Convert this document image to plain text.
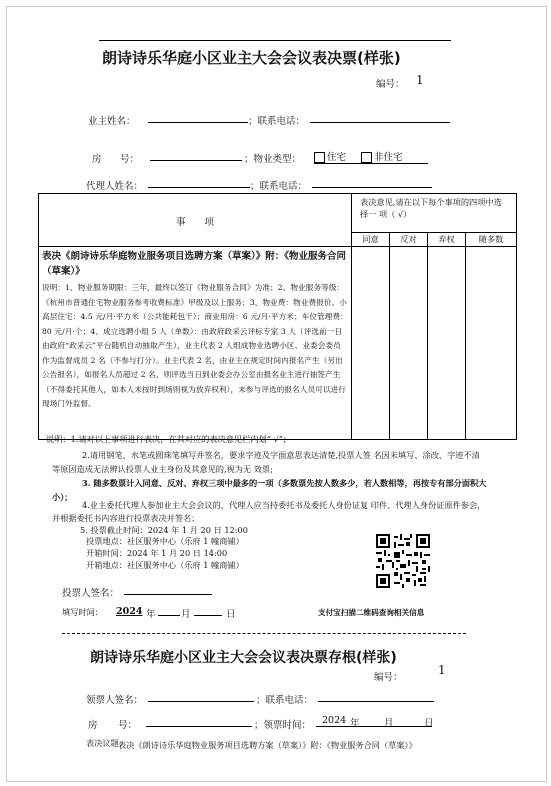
朗诗诗乐华庭小区业主大会会议表决票(样张)
编号： 1
业主姓名：	；联系电话：
房 号：	；物业类型：	住宅	非住宅
代理人姓名：	；联系电话：
事　　项	表决意见,请在以下每个事项的四项中选择一 项（ √）			

	同意	反对	弃权	随多数

表决《朗诗诗乐华庭物业服务项目选聘方案（草案）》附：《物业服务合同（草案）》
说明：1、物业服务期限：三年，最终以签订《物业服务合同》为准；2、物业服务等级：《杭州市普通住宅物业服务参考收费标准》甲级及以上服务；3、物业费：物业费报价。小高层住宅：4.5 元/月·平方米（公共能耗包干）；商业用房：6 元/月·平方米；车位管理费：80 元/月·个；4、成立选聘小组 5 人（单数）：由政府政采云评标专家 3 人（评选前一日由政府“政采云”平台随机自动抽取产生），业主代表 2 人组成物业选聘小区、业委会委员作为监督成员 2 名（不参与打分）。业主代表 2 名，由业主在规定时间内报名产生（另出公告报名），如报名人员超过 2 名，则评选当日到业委会办公室由报名业主进行抽签产生（不得委托其他人，如本人未按时到场则视为放弃权利），未参与评选的报名人员可以进行现场门外监督。				

说明：1.请对以上事项进行表决，在其对应的表决意见栏内划“ √”；
2.请用钢笔、水笔或圆珠笔填写并签名，要求字迹及字面意思表达清楚,投票人签 名因未填写、涂改、字迹不清等原因造成无法辨认投票人业主身份及其意见的,视为无 效票;
3. 随多数票计入同意、反对、弃权三项中最多的一项（多数票先按人数多少，若人数相等，再按专有部分面积大小）；
4.业主委托代理人参加业主大会会议的，代理人应当持委托书及委托人身份证复 印件、代理人身份证原件参会，并根据委托书内容进行投票表决并签名；
5. 投票截止时间：2024 年 1 月 20 日 12:00
投票地点：社区服务中心（乐府 1 幢商铺）
开箱时间：2024 年 1 月 20 日 14:00
开箱地点：社区服务中心（乐府 1 幢商铺）
投票人签名：
填写时间： 2024 年	月	日	支付宝扫描二维码查询相关信息
朗诗诗乐华庭小区业主大会会议表决票存根(样张)
编号：
1
领票人签名：	；联系电话：
房 号：	；领票时间： 2024 年	月	日
表决议题：
表决《朗诗诗乐华庭物业服务项目选聘方案（草案）》附：《物业服务合同（草案）》
